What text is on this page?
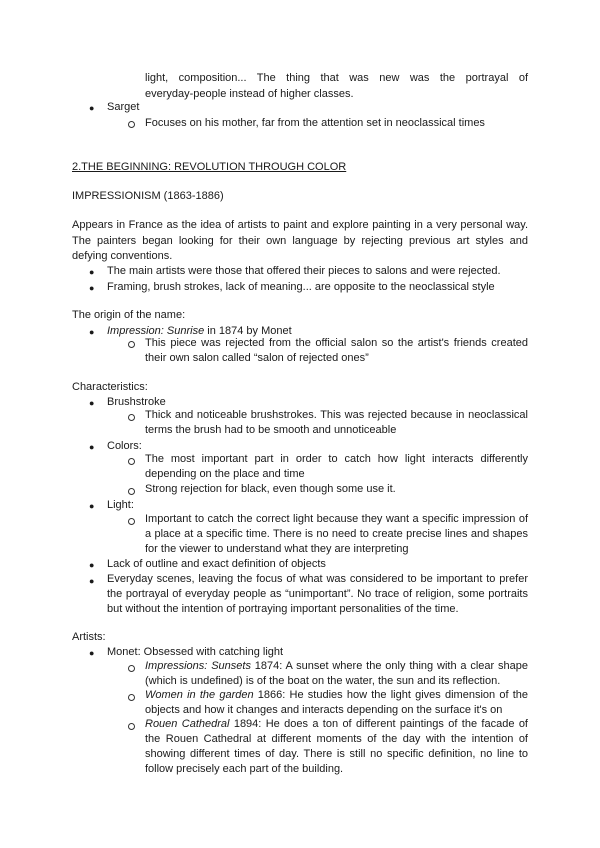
light, composition... The thing that was new was the portrayal of

everyday-people instead of higher classes.

● Sarget

Focuses on his mother, far from the attention set in neoclassical times

2.THE BEGINNING: REVOLUTION THROUGH COLOR

IMPRESSIONISM (1863-1886)

Appears in France as the idea of artists to paint and explore painting in a very personal way.

The painters began looking for their own language by rejecting previous art styles and

defying conventions.

● The main artists were those that offered their pieces to salons and were rejected.

● Framing, brush strokes, lack of meaning... are opposite to the neoclassical style

The origin of the name:

● Impression: Sunrise in 1874 by Monet

This piece was rejected from the official salon so the artist's friends created

their own salon called “salon of rejected ones”

Characteristics:

● Brushstroke

Thick and noticeable brushstrokes. This was rejected because in neoclassical

terms the brush had to be smooth and unnoticeable

● Colors:

The most important part in order to catch how light interacts differently

depending on the place and time

Strong rejection for black, even though some use it.

● Light:

Important to catch the correct light because they want a specific impression of

a place at a specific time. There is no need to create precise lines and shapes

for the viewer to understand what they are interpreting

● Lack of outline and exact definition of objects

● Everyday scenes, leaving the focus of what was considered to be important to prefer

the portrayal of everyday people as “unimportant”. No trace of religion, some portraits

but without the intention of portraying important personalities of the time.

Artists:

● Monet: Obsessed with catching light

Impressions: Sunsets 1874: A sunset where the only thing with a clear shape

(which is undefined) is of the boat on the water, the sun and its reflection.

Women in the garden 1866: He studies how the light gives dimension of the

objects and how it changes and interacts depending on the surface it's on

Rouen Cathedral 1894: He does a ton of different paintings of the facade of

the Rouen Cathedral at different moments of the day with the intention of

showing different times of day. There is still no specific definition, no line to

follow precisely each part of the building.
